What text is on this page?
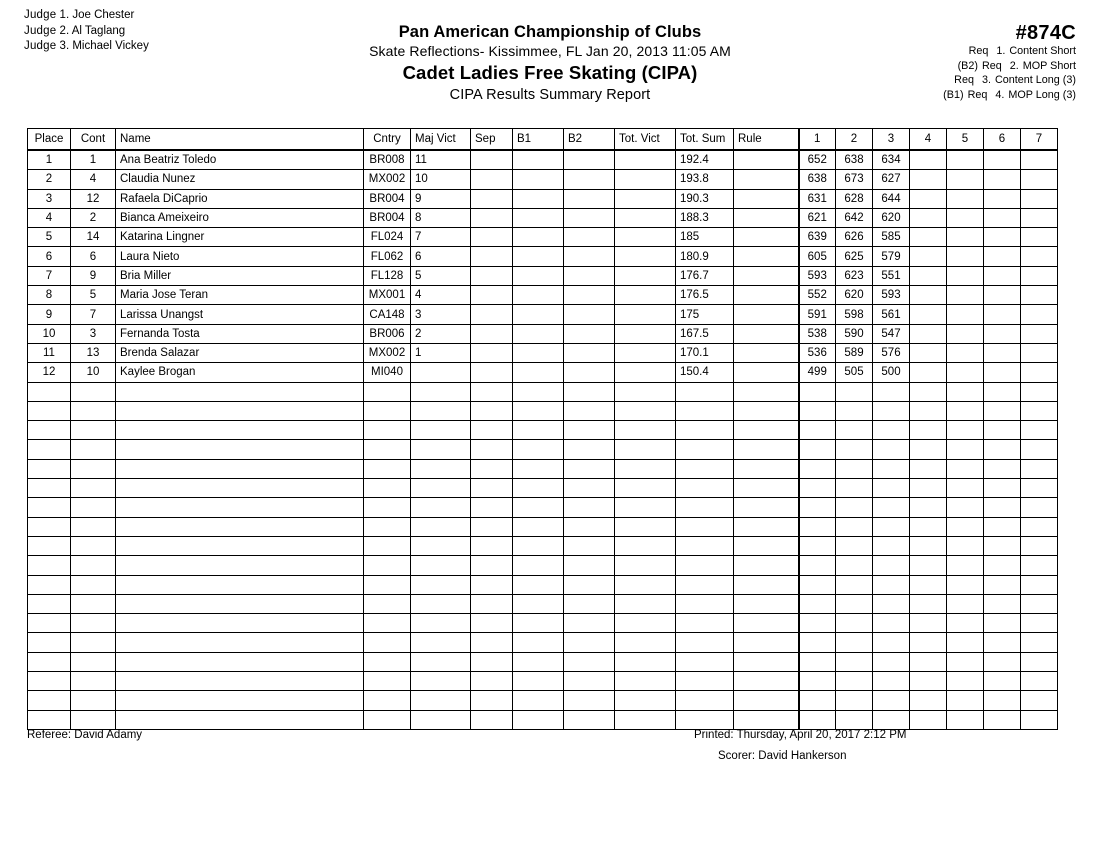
Judge 1. Joe Chester
Judge 2. Al Taglang
Judge 3. Michael Vickey
Pan American Championship of Clubs
Skate Reflections- Kissimmee, FL Jan 20, 2013 11:05 AM
Cadet Ladies Free Skating (CIPA)
CIPA Results Summary Report
#874C
Req 1. Content Short
(B2) Req 2. MOP Short
Req 3. Content Long (3)
(B1) Req 4. MOP Long (3)
Place	Cont	Name	Cntry	Maj Vict	Sep	B1	B2	Tot. Vict	Tot. Sum	Rule	1	2	3	4	5	6	7
1	1	Ana Beatriz Toledo	BR008	11					192.4		652	638	634				
2	4	Claudia Nunez	MX002	10					193.8		638	673	627				
3	12	Rafaela DiCaprio	BR004	9					190.3		631	628	644				
4	2	Bianca Ameixeiro	BR004	8					188.3		621	642	620				
5	14	Katarina Lingner	FL024	7					185		639	626	585				
6	6	Laura Nieto	FL062	6					180.9		605	625	579				
7	9	Bria Miller	FL128	5					176.7		593	623	551				
8	5	Maria Jose Teran	MX001	4					176.5		552	620	593				
9	7	Larissa Unangst	CA148	3					175		591	598	561				
10	3	Fernanda Tosta	BR006	2					167.5		538	590	547				
11	13	Brenda Salazar	MX002	1					170.1		536	589	576				
12	10	Kaylee Brogan	MI040						150.4		499	505	500				

Referee: David Adamy	Printed: Thursday, April 20, 2017 2:12 PM
Scorer: David Hankerson
